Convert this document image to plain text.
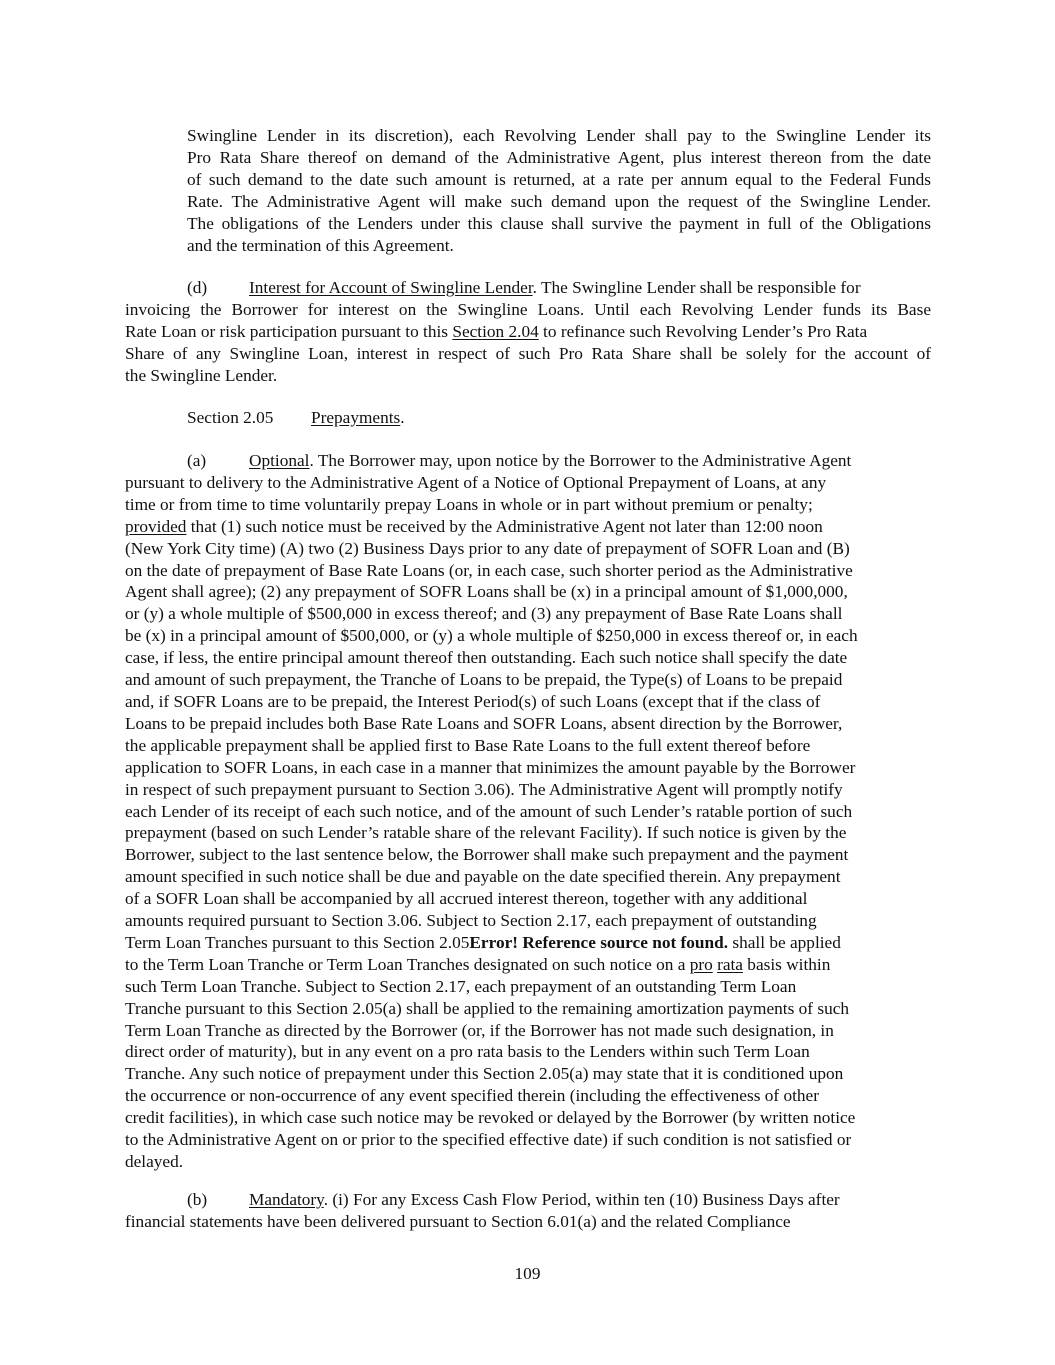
Swingline Lender in its discretion), each Revolving Lender shall pay to the Swingline Lender its
Pro Rata Share thereof on demand of the Administrative Agent, plus interest thereon from the date
of such demand to the date such amount is returned, at a rate per annum equal to the Federal Funds
Rate. The Administrative Agent will make such demand upon the request of the Swingline Lender.
The obligations of the Lenders under this clause shall survive the payment in full of the Obligations
and the termination of this Agreement.
(d) Interest for Account of Swingline Lender. The Swingline Lender shall be responsible for
invoicing the Borrower for interest on the Swingline Loans. Until each Revolving Lender funds its Base
Rate Loan or risk participation pursuant to this Section 2.04 to refinance such Revolving Lender’s Pro Rata
Share of any Swingline Loan, interest in respect of such Pro Rata Share shall be solely for the account of
the Swingline Lender.
Section 2.05 Prepayments.
(a) Optional. The Borrower may, upon notice by the Borrower to the Administrative Agent
pursuant to delivery to the Administrative Agent of a Notice of Optional Prepayment of Loans, at any
time or from time to time voluntarily prepay Loans in whole or in part without premium or penalty;
provided that (1) such notice must be received by the Administrative Agent not later than 12:00 noon
(New York City time) (A) two (2) Business Days prior to any date of prepayment of SOFR Loan and (B)
on the date of prepayment of Base Rate Loans (or, in each case, such shorter period as the Administrative
Agent shall agree); (2) any prepayment of SOFR Loans shall be (x) in a principal amount of $1,000,000,
or (y) a whole multiple of $500,000 in excess thereof; and (3) any prepayment of Base Rate Loans shall
be (x) in a principal amount of $500,000, or (y) a whole multiple of $250,000 in excess thereof or, in each
case, if less, the entire principal amount thereof then outstanding. Each such notice shall specify the date
and amount of such prepayment, the Tranche of Loans to be prepaid, the Type(s) of Loans to be prepaid
and, if SOFR Loans are to be prepaid, the Interest Period(s) of such Loans (except that if the class of
Loans to be prepaid includes both Base Rate Loans and SOFR Loans, absent direction by the Borrower,
the applicable prepayment shall be applied first to Base Rate Loans to the full extent thereof before
application to SOFR Loans, in each case in a manner that minimizes the amount payable by the Borrower
in respect of such prepayment pursuant to Section 3.06). The Administrative Agent will promptly notify
each Lender of its receipt of each such notice, and of the amount of such Lender’s ratable portion of such
prepayment (based on such Lender’s ratable share of the relevant Facility). If such notice is given by the
Borrower, subject to the last sentence below, the Borrower shall make such prepayment and the payment
amount specified in such notice shall be due and payable on the date specified therein. Any prepayment
of a SOFR Loan shall be accompanied by all accrued interest thereon, together with any additional
amounts required pursuant to Section 3.06. Subject to Section 2.17, each prepayment of outstanding
Term Loan Tranches pursuant to this Section 2.05Error! Reference source not found. shall be applied
to the Term Loan Tranche or Term Loan Tranches designated on such notice on a pro rata basis within
such Term Loan Tranche. Subject to Section 2.17, each prepayment of an outstanding Term Loan
Tranche pursuant to this Section 2.05(a) shall be applied to the remaining amortization payments of such
Term Loan Tranche as directed by the Borrower (or, if the Borrower has not made such designation, in
direct order of maturity), but in any event on a pro rata basis to the Lenders within such Term Loan
Tranche. Any such notice of prepayment under this Section 2.05(a) may state that it is conditioned upon
the occurrence or non-occurrence of any event specified therein (including the effectiveness of other
credit facilities), in which case such notice may be revoked or delayed by the Borrower (by written notice
to the Administrative Agent on or prior to the specified effective date) if such condition is not satisfied or
delayed.
(b) Mandatory. (i) For any Excess Cash Flow Period, within ten (10) Business Days after
financial statements have been delivered pursuant to Section 6.01(a) and the related Compliance
109
